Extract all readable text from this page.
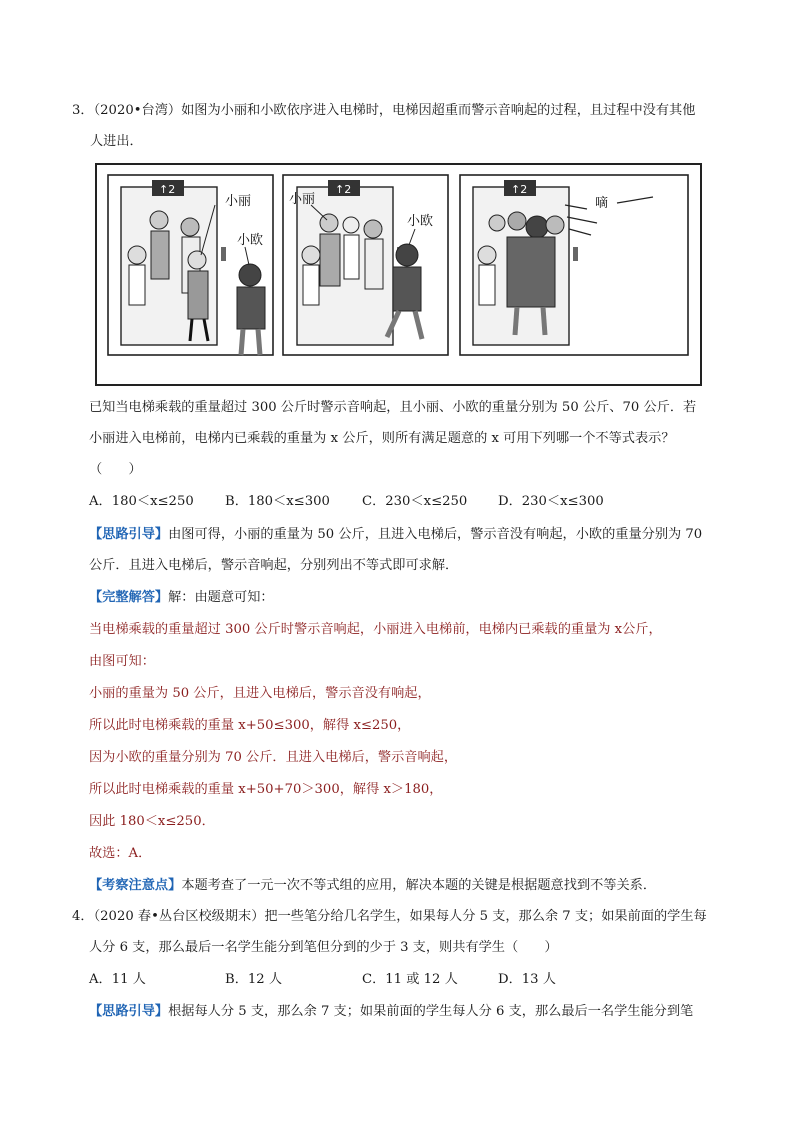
3．（2020•台湾）如图为小丽和小欧依序进入电梯时，电梯因超重而警示音响起的过程，且过程中没有其他
人进出．
↑2
小丽
小欧
↑2
小丽
小欧
↑2
嘀
已知当电梯乘载的重量超过 300 公斤时警示音响起，且小丽、小欧的重量分别为 50 公斤、70 公斤．若
小丽进入电梯前，电梯内已乘载的重量为 x 公斤，则所有满足题意的 x 可用下列哪一个不等式表示？
（　　）
A．180＜x≤250 B．180＜x≤300 C．230＜x≤250 D．230＜x≤300
【思路引导】由图可得，小丽的重量为 50 公斤，且进入电梯后，警示音没有响起，小欧的重量分别为 70
公斤．且进入电梯后，警示音响起，分别列出不等式即可求解．
【完整解答】解：由题意可知：
当电梯乘载的重量超过 300 公斤时警示音响起，小丽进入电梯前，电梯内已乘载的重量为 x公斤，
由图可知：
小丽的重量为 50 公斤，且进入电梯后，警示音没有响起，
所以此时电梯乘载的重量 x+50≤300，解得 x≤250，
因为小欧的重量分别为 70 公斤．且进入电梯后，警示音响起，
所以此时电梯乘载的重量 x+50+70＞300，解得 x＞180，
因此 180＜x≤250．
故选：A．
【考察注意点】本题考查了一元一次不等式组的应用，解决本题的关键是根据题意找到不等关系．
4．（2020 春•丛台区校级期末）把一些笔分给几名学生，如果每人分 5 支，那么余 7 支；如果前面的学生每
人分 6 支，那么最后一名学生能分到笔但分到的少于 3 支，则共有学生（　　）
A．11 人	B．12 人	C．11 或 12 人	D．13 人
【思路引导】根据每人分 5 支，那么余 7 支；如果前面的学生每人分 6 支，那么最后一名学生能分到笔
